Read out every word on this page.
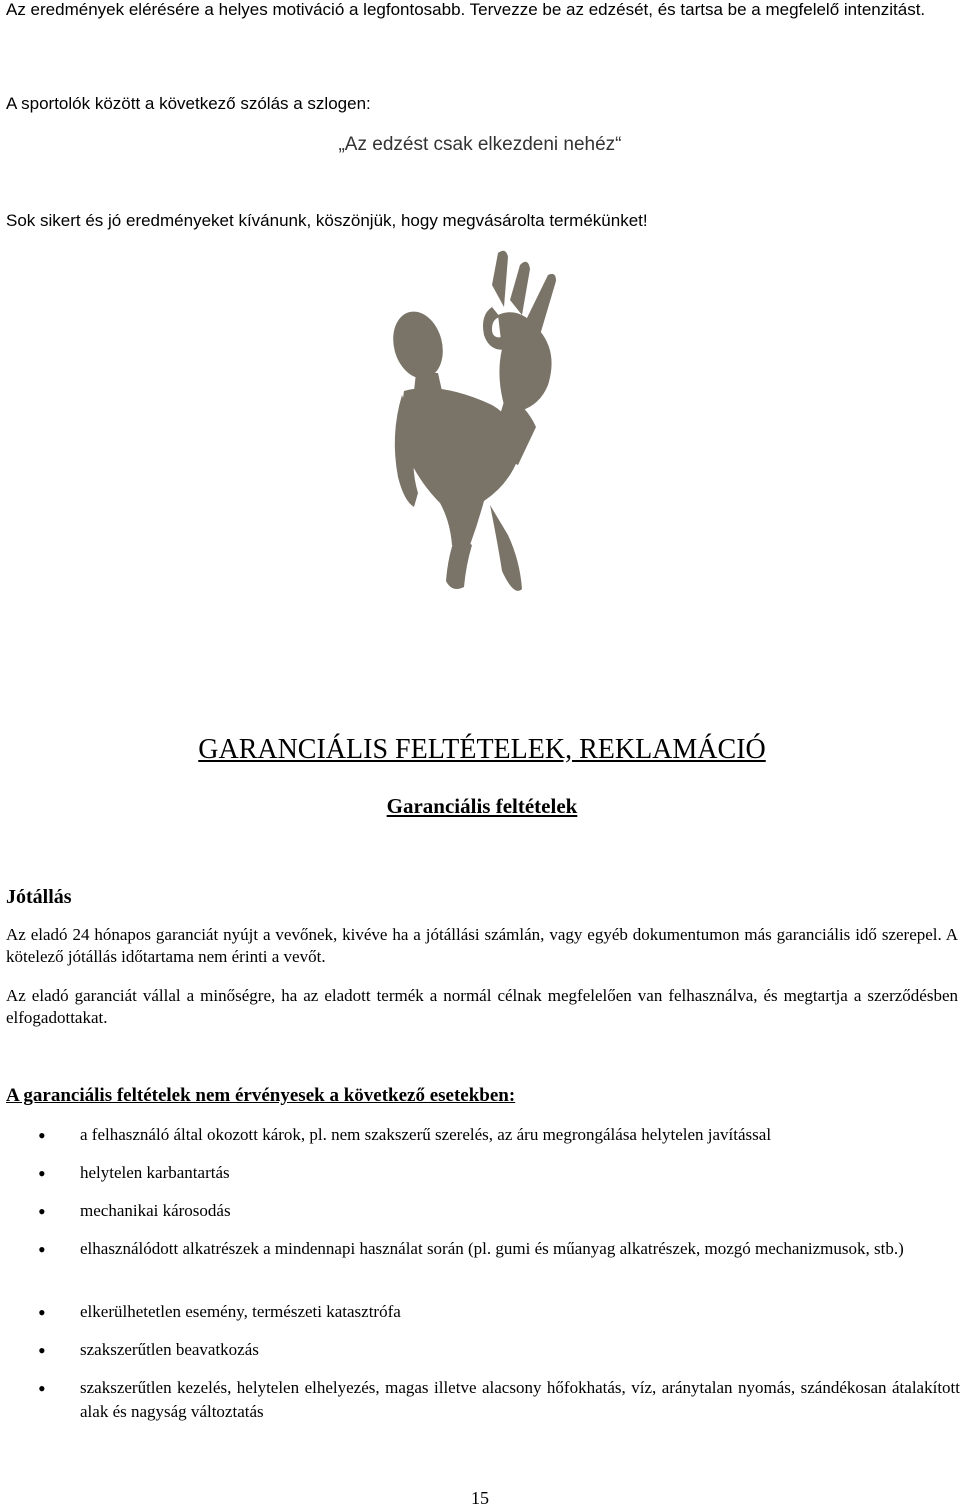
Az eredmények elérésére a helyes motiváció a legfontosabb. Tervezze be az edzését, és tartsa be a megfelelő intenzitást.
A sportolók között a következő szólás a szlogen:
„Az edzést csak elkezdeni nehéz“
Sok sikert és jó eredményeket kívánunk, köszönjük, hogy megvásárolta termékünket!
GARANCIÁLIS FELTÉTELEK, REKLAMÁCIÓ
Garanciális feltételek
Jótállás
Az eladó 24 hónapos garanciát nyújt a vevőnek, kivéve ha a jótállási számlán, vagy egyéb dokumentumon más garanciális idő szerepel. A kötelező jótállás időtartama nem érinti a vevőt.
Az eladó garanciát vállal a minőségre, ha az eladott termék a normál célnak megfelelően van felhasználva, és megtartja a szerződésben elfogadottakat.
A garanciális feltételek nem érvényesek a következő esetekben:
• a felhasználó által okozott károk, pl. nem szakszerű szerelés, az áru megrongálása helytelen javítással
• helytelen karbantartás
• mechanikai károsodás
• elhasználódott alkatrészek a mindennapi használat során (pl. gumi és műanyag alkatrészek, mozgó mechanizmusok, stb.)
• elkerülhetetlen esemény, természeti katasztrófa
• szakszerűtlen beavatkozás
• szakszerűtlen kezelés, helytelen elhelyezés, magas illetve alacsony hőfokhatás, víz, aránytalan nyomás, szándékosan átalakított alak és nagyság változtatás
15
